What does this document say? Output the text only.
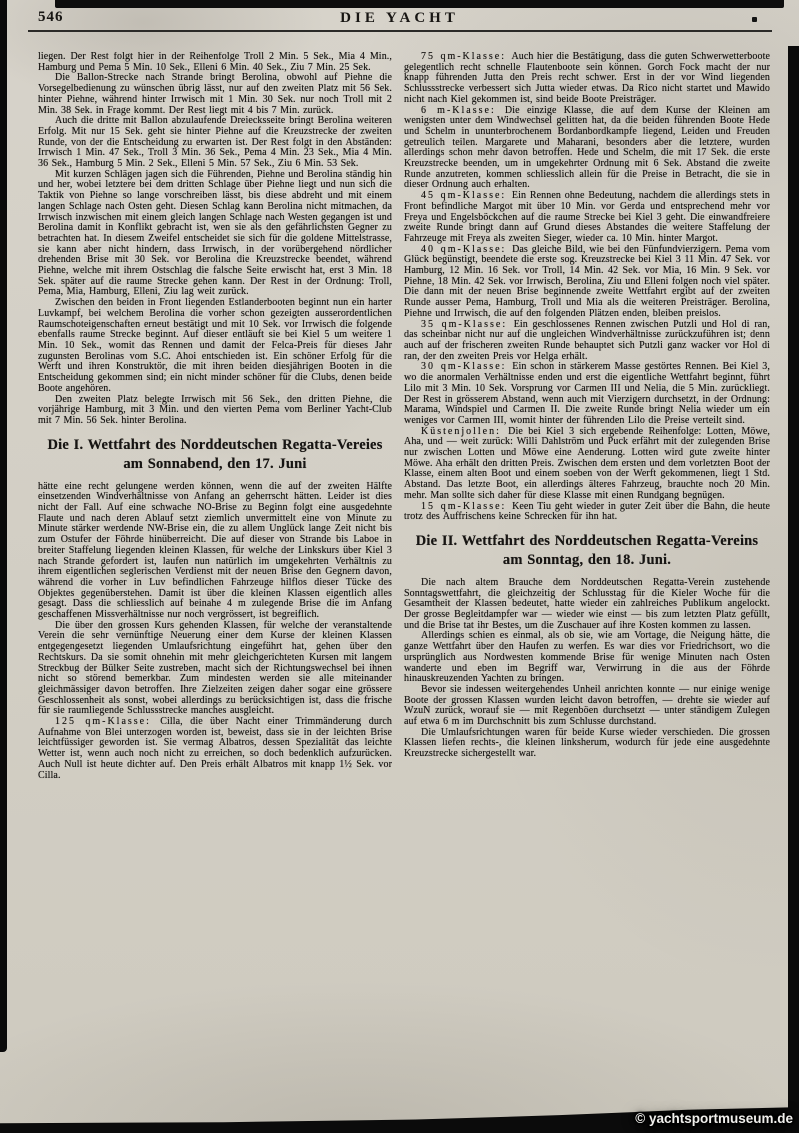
546	DIE YACHT

liegen. Der Rest folgt hier in der Reihenfolge Troll 2 Min. 5 Sek., Mia 4 Min., Hamburg und Pema 5 Min. 10 Sek., Elleni 6 Min. 40 Sek., Ziu 7 Min. 25 Sek.

Die Ballon-Strecke nach Strande bringt Berolina, obwohl auf Piehne die Vorsegelbedienung zu wünschen übrig lässt, nur auf den zweiten Platz mit 56 Sek. hinter Piehne, während hinter Irrwisch mit 1 Min. 30 Sek. nur noch Troll mit 2 Min. 38 Sek. in Frage kommt. Der Rest liegt mit 4 bis 7 Min. zurück.

Auch die dritte mit Ballon abzulaufende Dreiecksseite bringt Berolina weiteren Erfolg. Mit nur 15 Sek. geht sie hinter Piehne auf die Kreuzstrecke der zweiten Runde, von der die Entscheidung zu erwarten ist. Der Rest folgt in den Abständen: Irrwisch 1 Min. 47 Sek., Troll 3 Min. 36 Sek., Pema 4 Min. 23 Sek., Mia 4 Min. 36 Sek., Hamburg 5 Min. 2 Sek., Elleni 5 Min. 57 Sek., Ziu 6 Min. 53 Sek.

Mit kurzen Schlägen jagen sich die Führenden, Piehne und Berolina ständig hin und her, wobei letztere bei dem dritten Schlage über Piehne liegt und nun sich die Taktik von Piehne so lange vorschreiben lässt, bis diese abdreht und mit einem langen Schlage nach Osten geht. Diesen Schlag kann Berolina nicht mitmachen, da Irrwisch inzwischen mit einem gleich langen Schlage nach Westen gegangen ist und Berolina damit in Konflikt gebracht ist, wen sie als den gefährlichsten Gegner zu betrachten hat. In diesem Zweifel entscheidet sie sich für die goldene Mittelstrasse, sie kann aber nicht hindern, dass Irrwisch, in der vorübergehend nördlicher drehenden Brise mit 30 Sek. vor Berolina die Kreuzstrecke beendet, während Piehne, welche mit ihrem Ostschlag die falsche Seite erwischt hat, erst 3 Min. 18 Sek. später auf die raume Strecke gehen kann. Der Rest in der Ordnung: Troll, Pema, Mia, Hamburg, Elleni, Ziu lag weit zurück.

Zwischen den beiden in Front liegenden Estlanderbooten beginnt nun ein harter Luvkampf, bei welchem Berolina die vorher schon gezeigten ausserordentlichen Raumschoteigenschaften erneut bestätigt und mit 10 Sek. vor Irrwisch die folgende ebenfalls raume Strecke beginnt. Auf dieser entläuft sie bei Kiel 5 um weitere 1 Min. 10 Sek., womit das Rennen und damit der Felca-Preis für dieses Jahr zugunsten Berolinas vom S.C. Ahoi entschieden ist. Ein schöner Erfolg für die Werft und ihren Konstruktör, die mit ihren beiden diesjährigen Booten in die Entscheidung gekommen sind; ein nicht minder schöner für die Clubs, denen beide Boote angehören.

Den zweiten Platz belegte Irrwisch mit 56 Sek., den dritten Piehne, die vorjährige Hamburg, mit 3 Min. und den vierten Pema vom Berliner Yacht-Club mit 7 Min. 56 Sek. hinter Berolina.

Die I. Wettfahrt des Norddeutschen Regatta-Vereies
am Sonnabend, den 17. Juni

hätte eine recht gelungene werden können, wenn die auf der zweiten Hälfte einsetzenden Windverhältnisse von Anfang an geherrscht hätten. Leider ist dies nicht der Fall. Auf eine schwache NO-Brise zu Beginn folgt eine ausgedehnte Flaute und nach deren Ablauf setzt ziemlich unvermittelt eine von Minute zu Minute stärker werdende NW-Brise ein, die zu allem Unglück lange Zeit nicht bis zum Ostufer der Föhrde hinüberreicht. Die auf dieser von Strande bis Laboe in breiter Staffelung liegenden kleinen Klassen, für welche der Linkskurs über Kiel 3 nach Strande gefordert ist, laufen nun natürlich im umgekehrten Verhältnis zu ihrem eigentlichen seglerischen Verdienst mit der neuen Brise den Gegnern davon, während die vorher in Luv befindlichen Fahrzeuge hilflos dieser Tücke des Objektes gegenüberstehen. Damit ist über die kleinen Klassen eigentlich alles gesagt. Dass die schliesslich auf beinahe 4 m zulegende Brise die im Anfang geschaffenen Missverhältnisse nur noch vergrössert, ist begreiflich.

Die über den grossen Kurs gehenden Klassen, für welche der veranstaltende Verein die sehr vernünftige Neuerung einer dem Kurse der kleinen Klassen entgegengesetzt liegenden Umlaufsrichtung eingeführt hat, gehen über den Rechtskurs. Da sie somit ohnehin mit mehr gleichgerichteten Kursen mit langem Streckbug der Bülker Seite zustreben, macht sich der Richtungswechsel bei ihnen nicht so störend bemerkbar. Zum mindesten werden sie alle miteinander gleichmässiger davon betroffen. Ihre Zielzeiten zeigen daher sogar eine grössere Geschlossenheit als sonst, wobei allerdings zu berücksichtigen ist, dass die frische für sie raumliegende Schlussstrecke manches ausgleicht.

125 qm-Klasse: Cilla, die über Nacht einer Trimmänderung durch Aufnahme von Blei unterzogen worden ist, beweist, dass sie in der leichten Brise leichtfüssiger geworden ist. Sie vermag Albatros, dessen Spezialität das leichte Wetter ist, wenn auch noch nicht zu erreichen, so doch bedenklich aufzurücken. Auch Null ist heute dichter auf. Den Preis erhält Albatros mit knapp 1½ Sek. vor Cilla.

75 qm-Klasse: Auch hier die Bestätigung, dass die guten Schwerwetterboote gelegentlich recht schnelle Flautenboote sein können. Gorch Fock macht der nur knapp führenden Jutta den Preis recht schwer. Erst in der vor Wind liegenden Schlussstrecke verbessert sich Jutta wieder etwas. Da Rico nicht startet und Mawido nicht nach Kiel gekommen ist, sind beide Boote Preisträger.

6 m-Klasse: Die einzige Klasse, die auf dem Kurse der Kleinen am wenigsten unter dem Windwechsel gelitten hat, da die beiden führenden Boote Hede und Schelm in ununterbrochenem Bordanbordkampfe liegend, Leiden und Freuden getreulich teilen. Margarete und Maharani, besonders aber die letztere, wurden allerdings schon mehr davon betroffen. Hede und Schelm, die mit 17 Sek. die erste Kreuzstrecke beenden, um in umgekehrter Ordnung mit 6 Sek. Abstand die zweite Runde anzutreten, kommen schliesslich allein für die Preise in Betracht, die sie in dieser Ordnung auch erhalten.

45 qm-Klasse: Ein Rennen ohne Bedeutung, nachdem die allerdings stets in Front befindliche Margot mit über 10 Min. vor Gerda und entsprechend mehr vor Freya und Engelsböckchen auf die raume Strecke bei Kiel 3 geht. Die einwandfreiere zweite Runde bringt dann auf Grund dieses Abstandes die weitere Staffelung der Fahrzeuge mit Freya als zweiten Sieger, wieder ca. 10 Min. hinter Margot.

40 qm-Klasse: Das gleiche Bild, wie bei den Fünfundvierzigern. Pema vom Glück begünstigt, beendete die erste sog. Kreuzstrecke bei Kiel 3 11 Min. 47 Sek. vor Hamburg, 12 Min. 16 Sek. vor Troll, 14 Min. 42 Sek. vor Mia, 16 Min. 9 Sek. vor Piehne, 18 Min. 42 Sek. vor Irrwisch, Berolina, Ziu und Elleni folgen noch viel später. Die dann mit der neuen Brise beginnende zweite Wettfahrt ergibt auf der zweiten Runde ausser Pema, Hamburg, Troll und Mia als die weiteren Preisträger. Berolina, Piehne und Irrwisch, die auf den folgenden Plätzen enden, bleiben preislos.

35 qm-Klasse: Ein geschlossenes Rennen zwischen Putzli und Hol di ran, das scheinbar nicht nur auf die ungleichen Windverhältnisse zurückzuführen ist; denn auch auf der frischeren zweiten Runde behauptet sich Putzli ganz wacker vor Hol di ran, der den zweiten Preis vor Helga erhält.

30 qm-Klasse: Ein schon in stärkerem Masse gestörtes Rennen. Bei Kiel 3, wo die anormalen Verhältnisse enden und erst die eigentliche Wettfahrt beginnt, führt Lilo mit 3 Min. 10 Sek. Vorsprung vor Carmen III und Nelia, die 5 Min. zurückliegt. Der Rest in grösserem Abstand, wenn auch mit Vierzigern durchsetzt, in der Ordnung: Marama, Windspiel und Carmen II. Die zweite Runde bringt Nelia wieder um ein weniges vor Carmen III, womit hinter der führenden Lilo die Preise verteilt sind.

Küstenjollen: Die bei Kiel 3 sich ergebende Reihenfolge: Lotten, Möwe, Aha, und — weit zurück: Willi Dahlström und Puck erfährt mit der zulegenden Brise nur zwischen Lotten und Möwe eine Aenderung. Lotten wird gute zweite hinter Möwe. Aha erhält den dritten Preis. Zwischen dem ersten und dem vorletzten Boot der Klasse, einem alten Boot und einem soeben von der Werft gekommenen, liegt 1 Std. Abstand. Das letzte Boot, ein allerdings älteres Fahrzeug, brauchte noch 20 Min. mehr. Man sollte sich daher für diese Klasse mit einen Rundgang begnügen.

15 qm-Klasse: Keen Tiu geht wieder in guter Zeit über die Bahn, die heute trotz des Auffrischens keine Schrecken für ihn hat.

Die II. Wettfahrt des Norddeutschen Regatta-Vereins
am Sonntag, den 18. Juni.

Die nach altem Brauche dem Norddeutschen Regatta-Verein zustehende Sonntagswettfahrt, die gleichzeitig der Schlusstag für die Kieler Woche für die Gesamtheit der Klassen bedeutet, hatte wieder ein zahlreiches Publikum angelockt. Der grosse Begleitdampfer war — wieder wie einst — bis zum letzten Platz gefüllt, und die Brise tat ihr Bestes, um die Zuschauer auf ihre Kosten kommen zu lassen.

Allerdings schien es einmal, als ob sie, wie am Vortage, die Neigung hätte, die ganze Wettfahrt über den Haufen zu werfen. Es war dies vor Friedrichsort, wo die ursprünglich aus Nordwesten kommende Brise für wenige Minuten nach Osten wanderte und eben im Begriff war, Verwirrung in die aus der Föhrde hinauskreuzenden Yachten zu bringen.

Bevor sie indessen weitergehendes Unheil anrichten konnte — nur einige wenige Boote der grossen Klassen wurden leicht davon betroffen, — drehte sie wieder auf WzuN zurück, worauf sie — mit Regenböen durchsetzt — unter ständigem Zulegen auf etwa 6 m im Durchschnitt bis zum Schlusse durchstand.

Die Umlaufsrichtungen waren für beide Kurse wieder verschieden. Die grossen Klassen liefen rechts-, die kleinen linksherum, wodurch für jede eine ausgedehnte Kreuzstrecke sichergestellt war.

© yachtsportmuseum.de
